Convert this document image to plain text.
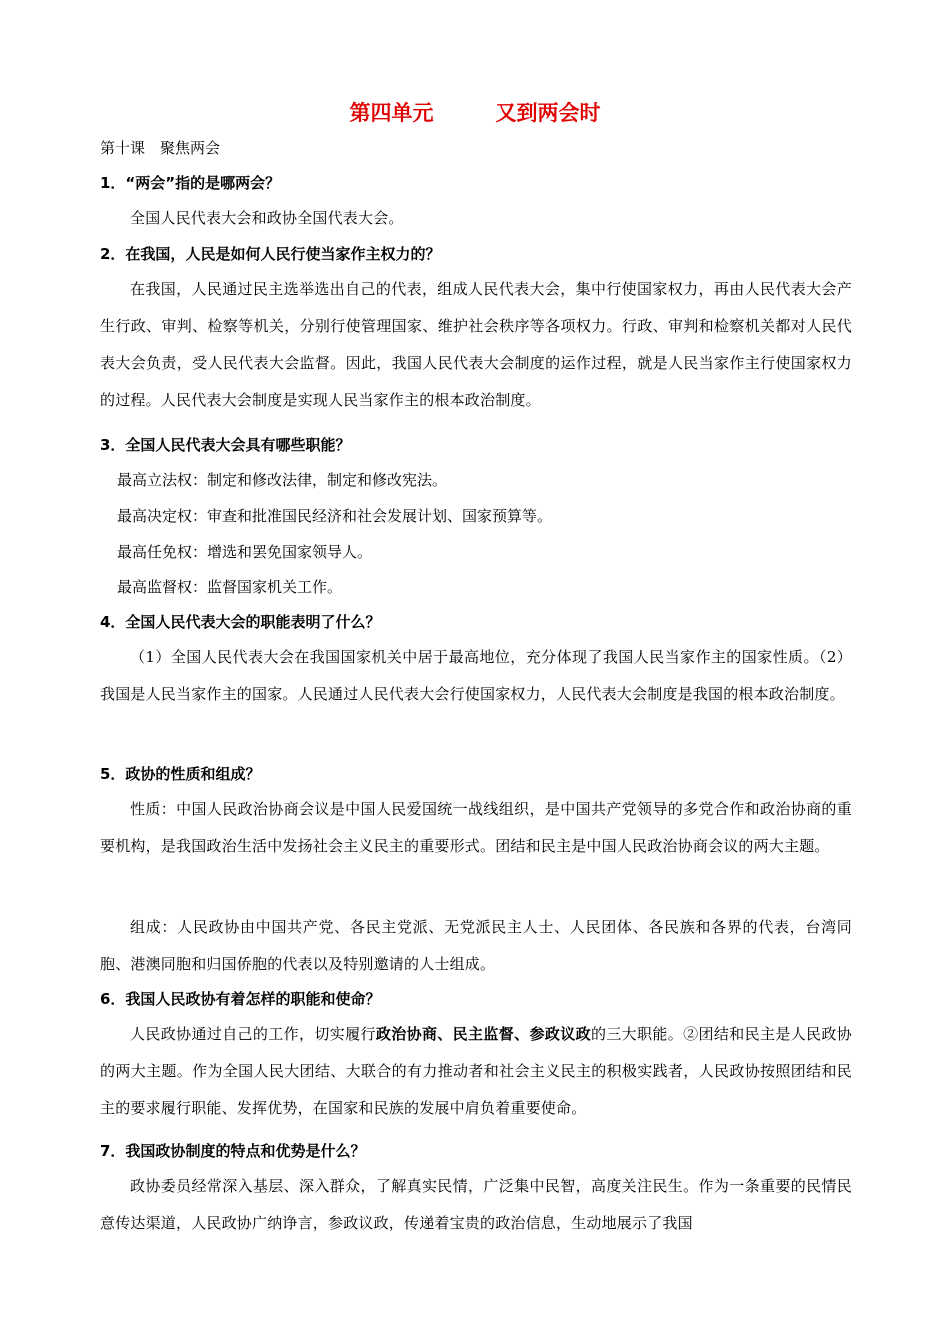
第四单元	又到两会时
第十课　聚焦两会
1．“两会”指的是哪两会？
全国人民代表大会和政协全国代表大会。
2．在我国，人民是如何人民行使当家作主权力的？
在我国，人民通过民主选举选出自己的代表，组成人民代表大会，集中行使国家权力，再由人民代表大会产生行政、审判、检察等机关，分别行使管理国家、维护社会秩序等各项权力。行政、审判和检察机关都对人民代表大会负责，受人民代表大会监督。因此，我国人民代表大会制度的运作过程，就是人民当家作主行使国家权力的过程。人民代表大会制度是实现人民当家作主的根本政治制度。
3．全国人民代表大会具有哪些职能？
最高立法权：制定和修改法律，制定和修改宪法。
最高决定权：审查和批准国民经济和社会发展计划、国家预算等。
最高任免权：增选和罢免国家领导人。
最高监督权：监督国家机关工作。
4．全国人民代表大会的职能表明了什么？
（1）全国人民代表大会在我国国家机关中居于最高地位，充分体现了我国人民当家作主的国家性质。（2）我国是人民当家作主的国家。人民通过人民代表大会行使国家权力，人民代表大会制度是我国的根本政治制度。
5．政协的性质和组成？
性质：中国人民政治协商会议是中国人民爱国统一战线组织，是中国共产党领导的多党合作和政治协商的重要机构，是我国政治生活中发扬社会主义民主的重要形式。团结和民主是中国人民政治协商会议的两大主题。
组成：人民政协由中国共产党、各民主党派、无党派民主人士、人民团体、各民族和各界的代表，台湾同胞、港澳同胞和归国侨胞的代表以及特别邀请的人士组成。
6．我国人民政协有着怎样的职能和使命？
人民政协通过自己的工作，切实履行政治协商、民主监督、参政议政的三大职能。②团结和民主是人民政协的两大主题。作为全国人民大团结、大联合的有力推动者和社会主义民主的积极实践者，人民政协按照团结和民主的要求履行职能、发挥优势，在国家和民族的发展中肩负着重要使命。
7．我国政协制度的特点和优势是什么？
政协委员经常深入基层、深入群众，了解真实民情，广泛集中民智，高度关注民生。作为一条重要的民情民意传达渠道，人民政协广纳诤言，参政议政，传递着宝贵的政治信息，生动地展示了我国
